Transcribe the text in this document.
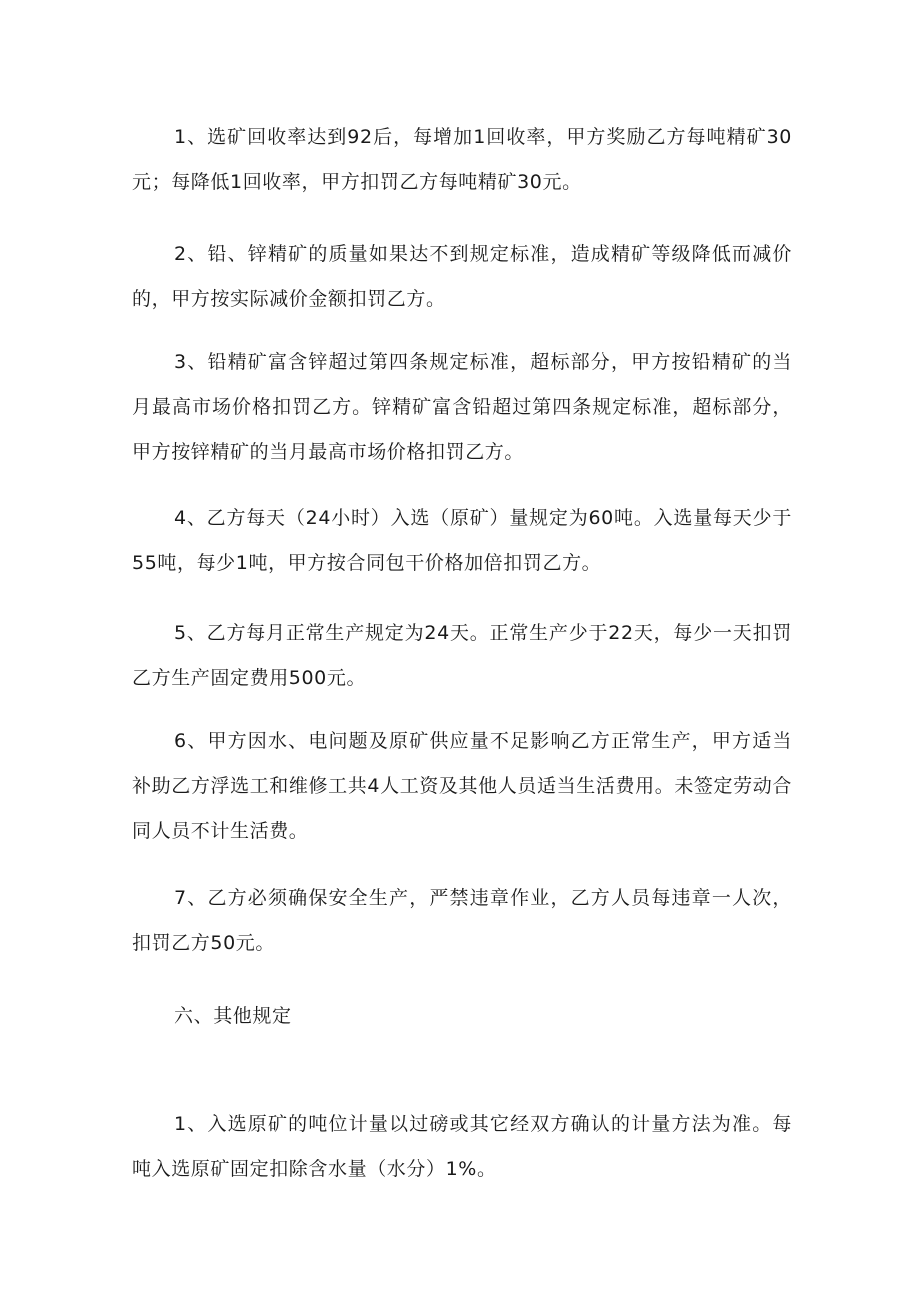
1、选矿回收率达到92后，每增加1回收率，甲方奖励乙方每吨精矿30元；每降低1回收率，甲方扣罚乙方每吨精矿30元。

2、铅、锌精矿的质量如果达不到规定标准，造成精矿等级降低而减价的，甲方按实际减价金额扣罚乙方。

3、铅精矿富含锌超过第四条规定标准，超标部分，甲方按铅精矿的当月最高市场价格扣罚乙方。锌精矿富含铅超过第四条规定标准，超标部分，甲方按锌精矿的当月最高市场价格扣罚乙方。

4、乙方每天（24小时）入选（原矿）量规定为60吨。入选量每天少于55吨，每少1吨，甲方按合同包干价格加倍扣罚乙方。

5、乙方每月正常生产规定为24天。正常生产少于22天，每少一天扣罚乙方生产固定费用500元。

6、甲方因水、电问题及原矿供应量不足影响乙方正常生产，甲方适当补助乙方浮选工和维修工共4人工资及其他人员适当生活费用。未签定劳动合同人员不计生活费。

7、乙方必须确保安全生产，严禁违章作业，乙方人员每违章一人次，扣罚乙方50元。

六、其他规定

1、入选原矿的吨位计量以过磅或其它经双方确认的计量方法为准。每吨入选原矿固定扣除含水量（水分）1%。
